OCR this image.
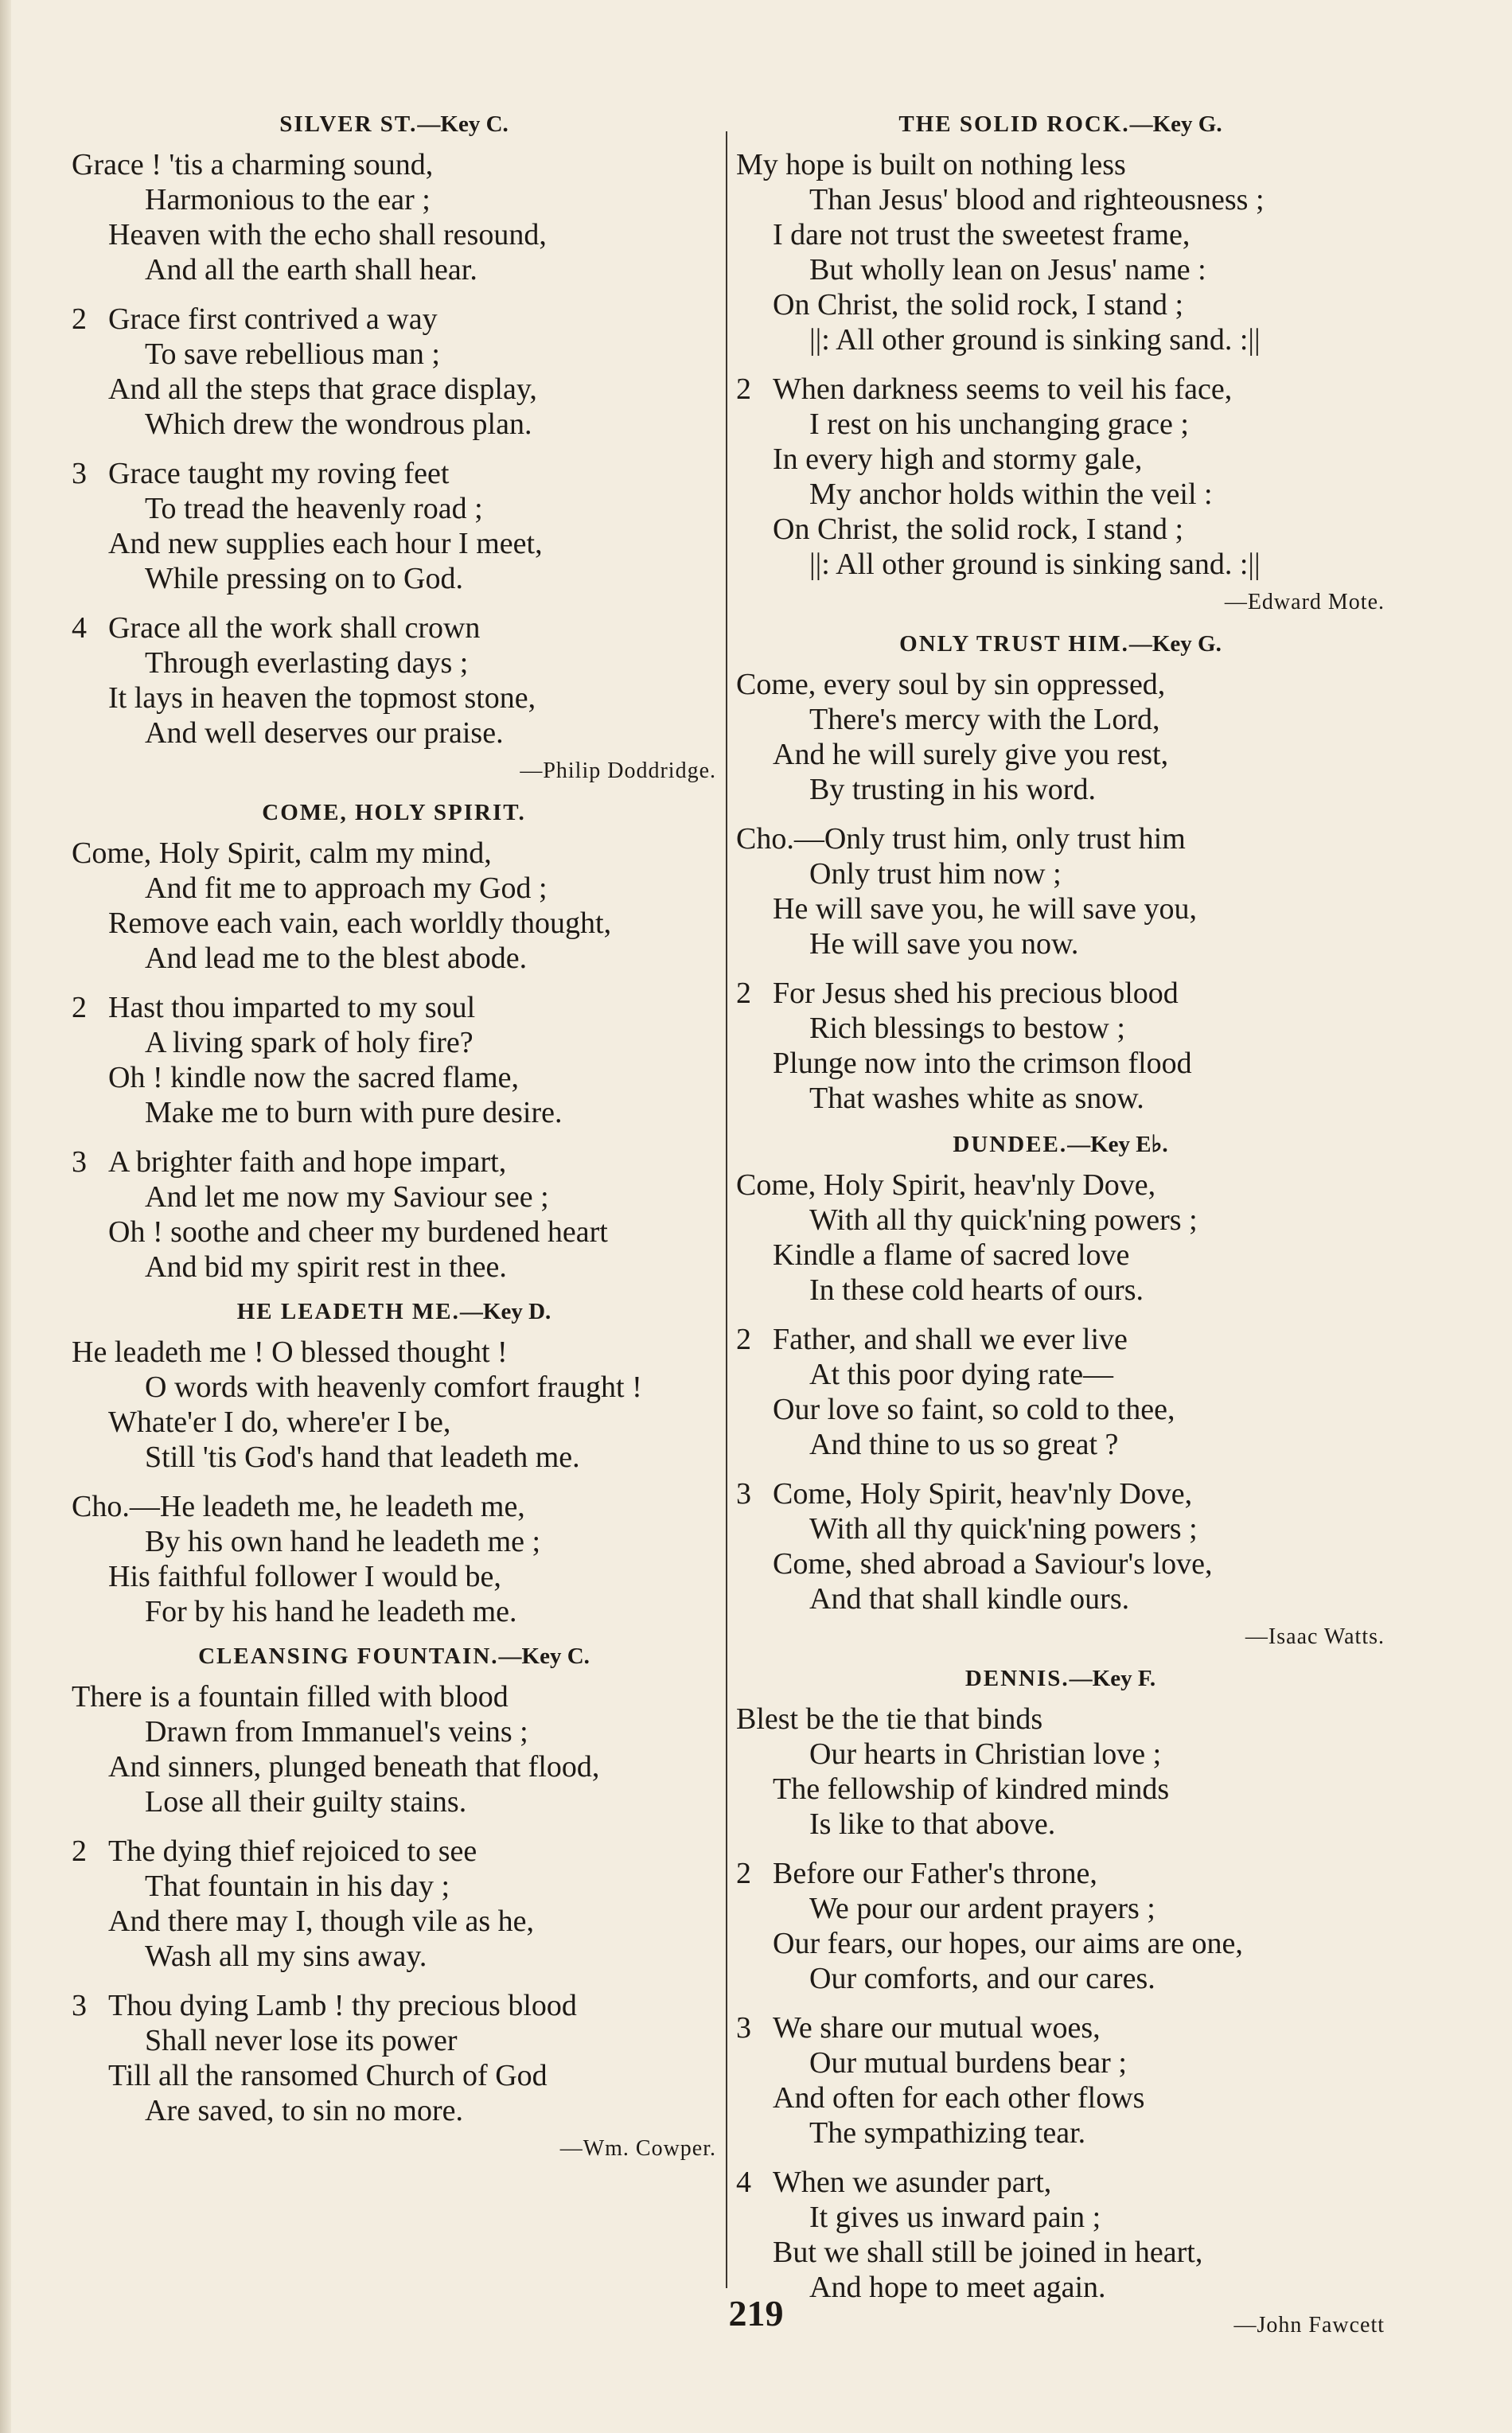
SILVER ST.—Key C.
Grace ! 'tis a charming sound,
Harmonious to the ear ;
Heaven with the echo shall resound,
And all the earth shall hear.
2 Grace first contrived a way
To save rebellious man ;
And all the steps that grace display,
Which drew the wondrous plan.
3 Grace taught my roving feet
To tread the heavenly road ;
And new supplies each hour I meet,
While pressing on to God.
4 Grace all the work shall crown
Through everlasting days ;
It lays in heaven the topmost stone,
And well deserves our praise.
—Philip Doddridge.
COME, HOLY SPIRIT.
Come, Holy Spirit, calm my mind,
And fit me to approach my God ;
Remove each vain, each worldly thought,
And lead me to the blest abode.
2 Hast thou imparted to my soul
A living spark of holy fire?
Oh ! kindle now the sacred flame,
Make me to burn with pure desire.
3 A brighter faith and hope impart,
And let me now my Saviour see ;
Oh ! soothe and cheer my burdened heart
And bid my spirit rest in thee.
HE LEADETH ME.—Key D.
He leadeth me ! O blessed thought !
O words with heavenly comfort fraught !
Whate'er I do, where'er I be,
Still 'tis God's hand that leadeth me.
Cho.—He leadeth me, he leadeth me,
By his own hand he leadeth me ;
His faithful follower I would be,
For by his hand he leadeth me.
CLEANSING FOUNTAIN.—Key C.
There is a fountain filled with blood
Drawn from Immanuel's veins ;
And sinners, plunged beneath that flood,
Lose all their guilty stains.
2 The dying thief rejoiced to see
That fountain in his day ;
And there may I, though vile as he,
Wash all my sins away.
3 Thou dying Lamb ! thy precious blood
Shall never lose its power
Till all the ransomed Church of God
Are saved, to sin no more.
—Wm. Cowper.
THE SOLID ROCK.—Key G.
My hope is built on nothing less
Than Jesus' blood and righteousness ;
I dare not trust the sweetest frame,
But wholly lean on Jesus' name :
On Christ, the solid rock, I stand ;
||: All other ground is sinking sand. :||
2 When darkness seems to veil his face,
I rest on his unchanging grace ;
In every high and stormy gale,
My anchor holds within the veil :
On Christ, the solid rock, I stand ;
||: All other ground is sinking sand. :||
—Edward Mote.
ONLY TRUST HIM.—Key G.
Come, every soul by sin oppressed,
There's mercy with the Lord,
And he will surely give you rest,
By trusting in his word.
Cho.—Only trust him, only trust him
Only trust him now ;
He will save you, he will save you,
He will save you now.
2 For Jesus shed his precious blood
Rich blessings to bestow ;
Plunge now into the crimson flood
That washes white as snow.
DUNDEE.—Key E♭.
Come, Holy Spirit, heav'nly Dove,
With all thy quick'ning powers ;
Kindle a flame of sacred love
In these cold hearts of ours.
2 Father, and shall we ever live
At this poor dying rate—
Our love so faint, so cold to thee,
And thine to us so great ?
3 Come, Holy Spirit, heav'nly Dove,
With all thy quick'ning powers ;
Come, shed abroad a Saviour's love,
And that shall kindle ours.
—Isaac Watts.
DENNIS.—Key F.
Blest be the tie that binds
Our hearts in Christian love ;
The fellowship of kindred minds
Is like to that above.
2 Before our Father's throne,
We pour our ardent prayers ;
Our fears, our hopes, our aims are one,
Our comforts, and our cares.
3 We share our mutual woes,
Our mutual burdens bear ;
And often for each other flows
The sympathizing tear.
4 When we asunder part,
It gives us inward pain ;
But we shall still be joined in heart,
And hope to meet again.
—John Fawcett
219
